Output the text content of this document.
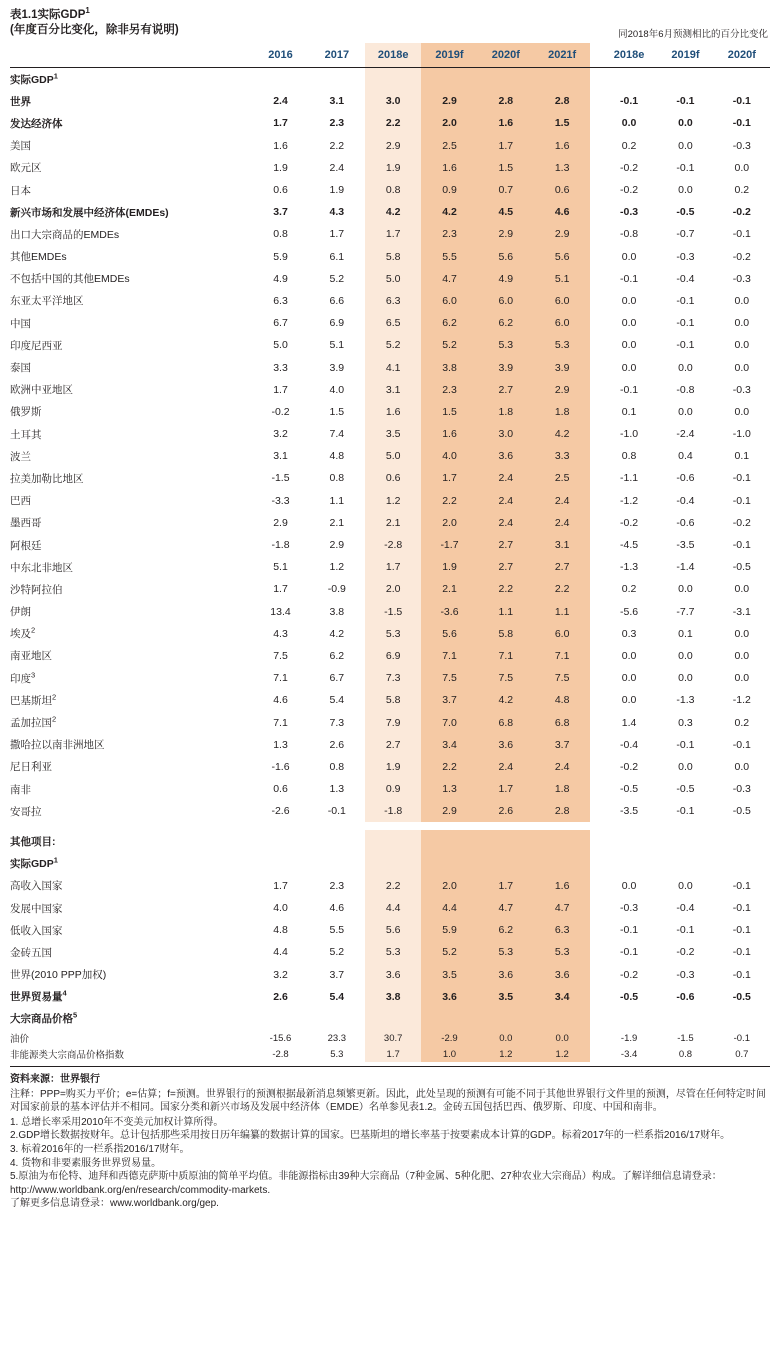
表1.1实际GDP$^1$
(年度百分比变化，除非另有说明)	同2018年6月预测相比的百分比变化
	2016	2017	2018e	2019f	2020f	2021f		2018e	2019f	2020f
实际GDP$^1$										
世界	2.4	3.1	3.0	2.9	2.8	2.8		-0.1	-0.1	-0.1
发达经济体	1.7	2.3	2.2	2.0	1.6	1.5		0.0	0.0	-0.1
美国	1.6	2.2	2.9	2.5	1.7	1.6		0.2	0.0	-0.3
欧元区	1.9	2.4	1.9	1.6	1.5	1.3		-0.2	-0.1	0.0
日本	0.6	1.9	0.8	0.9	0.7	0.6		-0.2	0.0	0.2
新兴市场和发展中经济体(EMDEs)	3.7	4.3	4.2	4.2	4.5	4.6		-0.3	-0.5	-0.2
出口大宗商品的EMDEs	0.8	1.7	1.7	2.3	2.9	2.9		-0.8	-0.7	-0.1
其他EMDEs	5.9	6.1	5.8	5.5	5.6	5.6		0.0	-0.3	-0.2
不包括中国的其他EMDEs	4.9	5.2	5.0	4.7	4.9	5.1		-0.1	-0.4	-0.3
东亚太平洋地区	6.3	6.6	6.3	6.0	6.0	6.0		0.0	-0.1	0.0
中国	6.7	6.9	6.5	6.2	6.2	6.0		0.0	-0.1	0.0
印度尼西亚	5.0	5.1	5.2	5.2	5.3	5.3		0.0	-0.1	0.0
泰国	3.3	3.9	4.1	3.8	3.9	3.9		0.0	0.0	0.0
欧洲中亚地区	1.7	4.0	3.1	2.3	2.7	2.9		-0.1	-0.8	-0.3
俄罗斯	-0.2	1.5	1.6	1.5	1.8	1.8		0.1	0.0	0.0
土耳其	3.2	7.4	3.5	1.6	3.0	4.2		-1.0	-2.4	-1.0
波兰	3.1	4.8	5.0	4.0	3.6	3.3		0.8	0.4	0.1
拉美加勒比地区	-1.5	0.8	0.6	1.7	2.4	2.5		-1.1	-0.6	-0.1
巴西	-3.3	1.1	1.2	2.2	2.4	2.4		-1.2	-0.4	-0.1
墨西哥	2.9	2.1	2.1	2.0	2.4	2.4		-0.2	-0.6	-0.2
阿根廷	-1.8	2.9	-2.8	-1.7	2.7	3.1		-4.5	-3.5	-0.1
中东北非地区	5.1	1.2	1.7	1.9	2.7	2.7		-1.3	-1.4	-0.5
沙特阿拉伯	1.7	-0.9	2.0	2.1	2.2	2.2		0.2	0.0	0.0
伊朗	13.4	3.8	-1.5	-3.6	1.1	1.1		-5.6	-7.7	-3.1
埃及$^2$	4.3	4.2	5.3	5.6	5.8	6.0		0.3	0.1	0.0
南亚地区	7.5	6.2	6.9	7.1	7.1	7.1		0.0	0.0	0.0
印度$^3$	7.1	6.7	7.3	7.5	7.5	7.5		0.0	0.0	0.0
巴基斯坦$^2$	4.6	5.4	5.8	3.7	4.2	4.8		0.0	-1.3	-1.2
孟加拉国$^2$	7.1	7.3	7.9	7.0	6.8	6.8		1.4	0.3	0.2
撒哈拉以南非洲地区	1.3	2.6	2.7	3.4	3.6	3.7		-0.4	-0.1	-0.1
尼日利亚	-1.6	0.8	1.9	2.2	2.4	2.4		-0.2	0.0	0.0
南非	0.6	1.3	0.9	1.3	1.7	1.8		-0.5	-0.5	-0.3
安哥拉	-2.6	-0.1	-1.8	2.9	2.6	2.8		-3.5	-0.1	-0.5

其他项目:										
实际GDP$^1$										
高收入国家	1.7	2.3	2.2	2.0	1.7	1.6		0.0	0.0	-0.1
发展中国家	4.0	4.6	4.4	4.4	4.7	4.7		-0.3	-0.4	-0.1
低收入国家	4.8	5.5	5.6	5.9	6.2	6.3		-0.1	-0.1	-0.1
金砖五国	4.4	5.2	5.3	5.2	5.3	5.3		-0.1	-0.2	-0.1
世界(2010 PPP加权)	3.2	3.7	3.6	3.5	3.6	3.6		-0.2	-0.3	-0.1
世界贸易量$^4$	2.6	5.4	3.8	3.6	3.5	3.4		-0.5	-0.6	-0.5
大宗商品价格$^5$										
油价	-15.6	23.3	30.7	-2.9	0.0	0.0		-1.9	-1.5	-0.1
非能源类大宗商品价格指数	-2.8	5.3	1.7	1.0	1.2	1.2		-3.4	0.8	0.7

资料来源：世界银行

注释：PPP=购买力平价；e=估算；f=预测。世界银行的预测根据最新消息频繁更新。因此，此处呈现的预测有可能不同于其他世界银行文件里的预测，尽管在任何特定时间对国家前景的基本评估并不相同。国家分类和新兴市场及发展中经济体（EMDE）名单参见表1.2。金砖五国包括巴西、俄罗斯、印度、中国和南非。

1. 总增长率采用2010年不变美元加权计算所得。

2.GDP增长数据按财年。总计包括那些采用按日历年编纂的数据计算的国家。巴基斯坦的增长率基于按要素成本计算的GDP。标着2017年的一栏系指2016/17财年。

3. 标着2016年的一栏系指2016/17财年。

4. 货物和非要素服务世界贸易量。

5.原油为布伦特、迪拜和西德克萨斯中质原油的简单平均值。非能源指标由39种大宗商品（7种金属、5种化肥、27种农业大宗商品）构成。了解详细信息请登录：http://www.worldbank.org/en/research/commodity-markets.

了解更多信息请登录：www.worldbank.org/gep.
